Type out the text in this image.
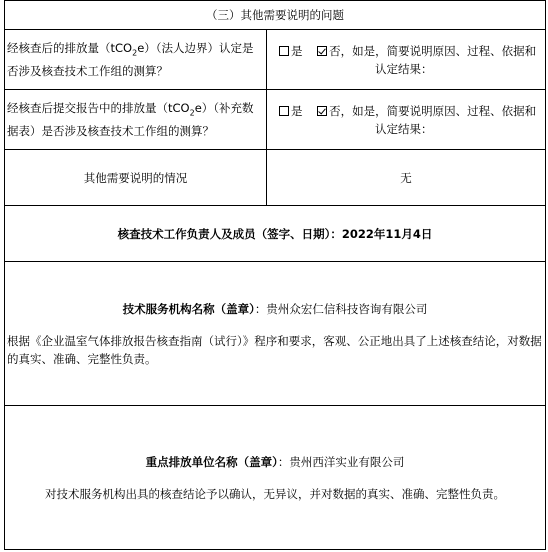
（三）其他需要说明的问题	
经核查后的排放量（tCO$_2$e）（法人边界）认定是否涉及核查技术工作组的测算？	是 否，如是，简要说明原因、过程、依据和
认定结果：

经核查后提交报告中的排放量（tCO$_2$e）（补充数据表）是否涉及核查技术工作组的测算？	是 否，如是，简要说明原因、过程、依据和
认定结果：

其他需要说明的情况	无
核查技术工作负责人及成员（签字、日期）：2022年11月4日	

技术服务机构名称（盖章）：贵州众宏仁信科技咨询有限公司
根据《企业温室气体排放报告核查指南（试行）》程序和要求，客观、公正地出具了上述核查结论，对数据的真实、准确、完整性负责。	

重点排放单位名称（盖章）：贵州西洋实业有限公司
对技术服务机构出具的核查结论予以确认，无异议，并对数据的真实、准确、完整性负责。	
